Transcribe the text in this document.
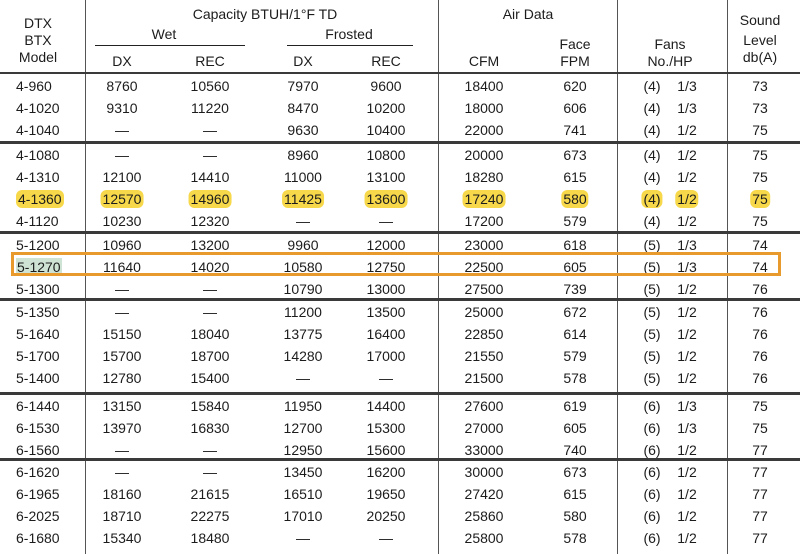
DTX
BTX
Model
Capacity BTUH/1°F TD
Wet	Frosted
DX	REC	DX	REC
Air Data
CFM
Face
FPM
Fans
No./HP
Sound
Level
db(A)
4-960	8760	10560	7970	9600	18400	620	(4) 1/3	73
4-1020	9310	11220	8470	10200	18000	606	(4) 1/3	73
4-1040	—	—	9630	10400	22000	741	(4) 1/2	75
4-1080	—	—	8960	10800	20000	673	(4) 1/2	75
4-1310	12100	14410	11000	13100	18280	615	(4) 1/2	75
4-1360	12570	14960	11425	13600	17240	580	(4) 1/2	75
4-1120	10230	12320	—	—	17200	579	(4) 1/2	75
5-1200	10960	13200	9960	12000	23000	618	(5) 1/3	74
5-1270	11640	14020	10580	12750	22500	605	(5) 1/3	74
5-1300	—	—	10790	13000	27500	739	(5) 1/2	76
5-1350	—	—	11200	13500	25000	672	(5) 1/2	76
5-1640	15150	18040	13775	16400	22850	614	(5) 1/2	76
5-1700	15700	18700	14280	17000	21550	579	(5) 1/2	76
5-1400	12780	15400	—	—	21500	578	(5) 1/2	76
6-1440	13150	15840	11950	14400	27600	619	(6) 1/3	75
6-1530	13970	16830	12700	15300	27000	605	(6) 1/3	75
6-1560	—	—	12950	15600	33000	740	(6) 1/2	77
6-1620	—	—	13450	16200	30000	673	(6) 1/2	77
6-1965	18160	21615	16510	19650	27420	615	(6) 1/2	77
6-2025	18710	22275	17010	20250	25860	580	(6) 1/2	77
6-1680	15340	18480	—	—	25800	578	(6) 1/2	77
